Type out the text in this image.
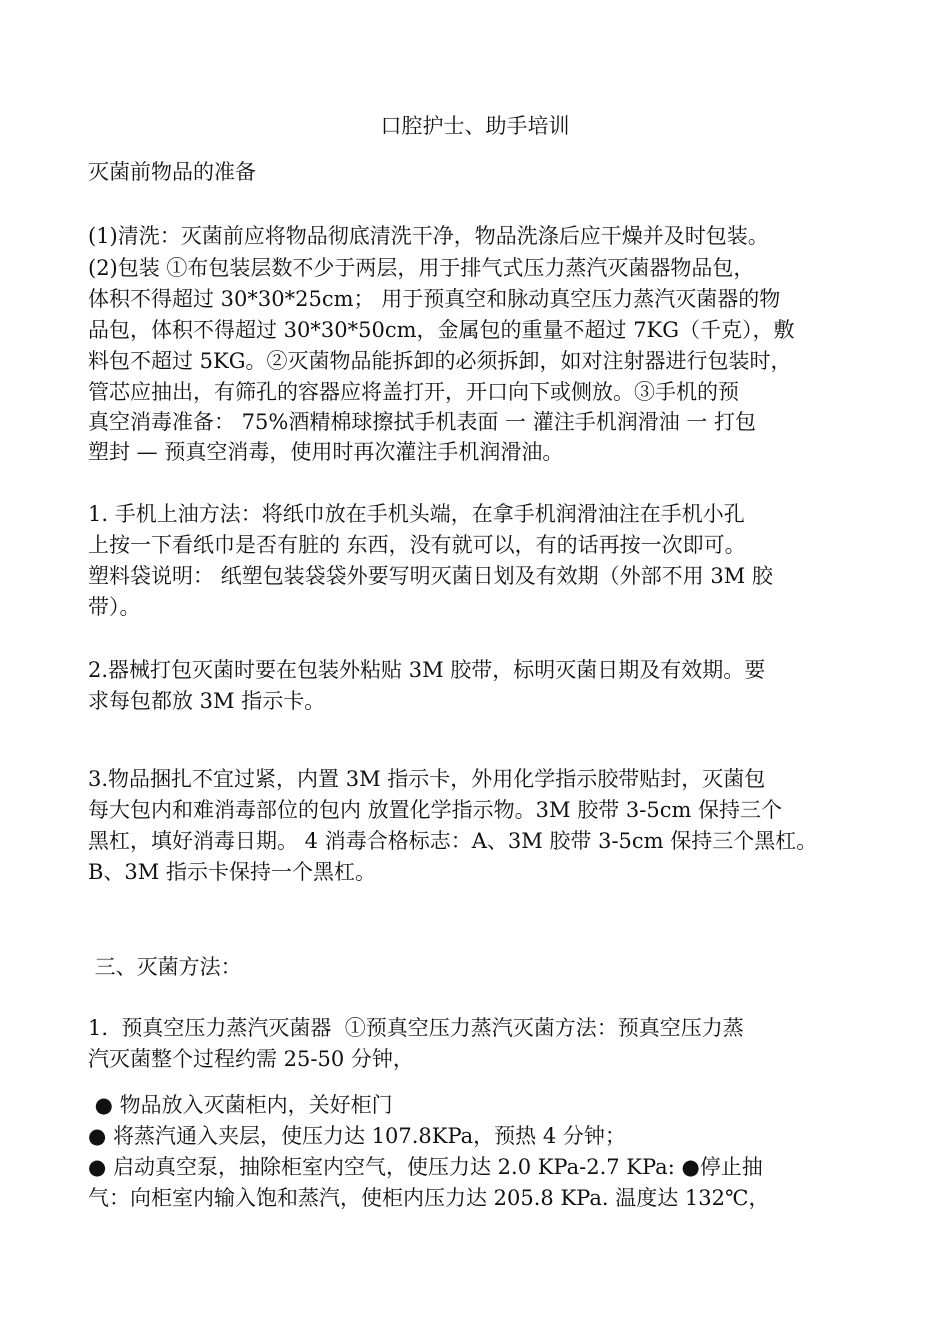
口腔护士、助手培训
灭菌前物品的准备
(1)清洗：灭菌前应将物品彻底清洗干净，物品洗涤后应干燥并及时包装。
(2)包装 ①布包装层数不少于两层，用于排气式压力蒸汽灭菌器物品包，
体积不得超过 30*30*25cm； 用于预真空和脉动真空压力蒸汽灭菌器的物
品包，体积不得超过 30*30*50cm，金属包的重量不超过 7KG（千克），敷
料包不超过 5KG。②灭菌物品能拆卸的必须拆卸，如对注射器进行包装时，
管芯应抽出，有筛孔的容器应将盖打开，开口向下或侧放。③手机的预
真空消毒准备： 75%酒精棉球擦拭手机表面 一 灌注手机润滑油 一 打包
塑封 — 预真空消毒，使用时再次灌注手机润滑油。
1. 手机上油方法：将纸巾放在手机头端，在拿手机润滑油注在手机小孔
上按一下看纸巾是否有脏的 东西，没有就可以，有的话再按一次即可。
塑料袋说明： 纸塑包装袋袋外要写明灭菌日划及有效期（外部不用 3M 胶
带）。
2.器械打包灭菌时要在包装外粘贴 3M 胶带，标明灭菌日期及有效期。要
求每包都放 3M 指示卡。
3.物品捆扎不宜过紧，内置 3M 指示卡，外用化学指示胶带贴封，灭菌包
每大包内和难消毒部位的包内 放置化学指示物。3M 胶带 3-5cm 保持三个
黑杠，填好消毒日期。 4 消毒合格标志：A、3M 胶带 3-5cm 保持三个黑杠。
B、3M 指示卡保持一个黑杠。
三、灭菌方法：
1.  预真空压力蒸汽灭菌器  ①预真空压力蒸汽灭菌方法：预真空压力蒸
汽灭菌整个过程约需 25-50 分钟，
● 物品放入灭菌柜内，关好柜门
● 将蒸汽通入夹层，使压力达 107.8KPa，预热 4 分钟；
● 启动真空泵，抽除柜室内空气，使压力达 2.0 KPa-2.7 KPa: ●停止抽
气：向柜室内输入饱和蒸汽，使柜内压力达 205.8 KPa. 温度达 132℃，
